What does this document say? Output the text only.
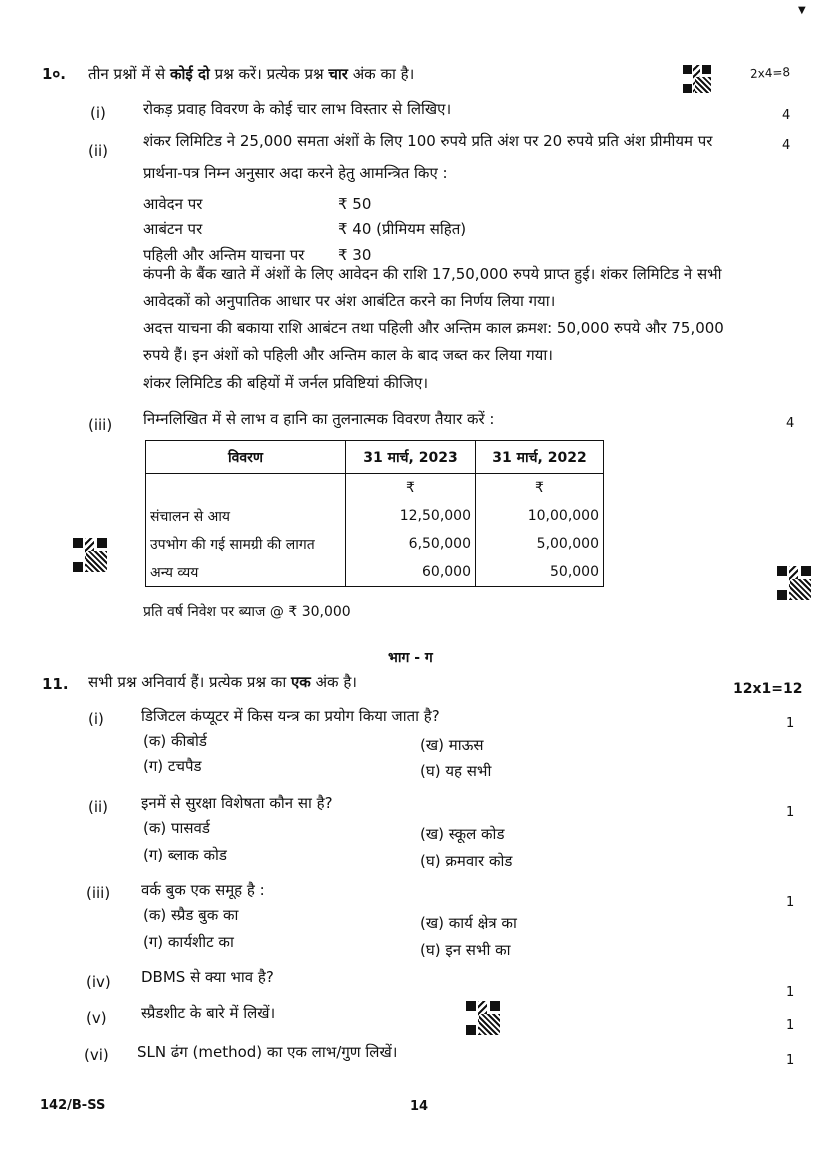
▼
1०. तीन प्रश्नों में से कोई दो प्रश्न करें। प्रत्येक प्रश्न चार अंक का है।	2x4=8
(i) रोकड़ प्रवाह विवरण के कोई चार लाभ विस्तार से लिखिए।	4
(ii)
शंकर लिमिटिड ने 25,000 समता अंशों के लिए 100 रुपये प्रति अंश पर 20 रुपये प्रति अंश प्रीमीयम पर	4
प्रार्थना-पत्र निम्न अनुसार अदा करने हेतु आमन्त्रित किए :
आवेदन पर	₹ 50
आबंटन पर	₹ 40 (प्रीमियम सहित)
पहिली और अन्तिम याचना पर ₹ 30
कंपनी के बैंक खाते में अंशों के लिए आवेदन की राशि 17,50,000 रुपये प्राप्त हुई। शंकर लिमिटिड ने सभी
आवेदकों को अनुपातिक आधार पर अंश आबंटित करने का निर्णय लिया गया।
अदत्त याचना की बकाया राशि आबंटन तथा पहिली और अन्तिम काल क्रमश: 50,000 रुपये और 75,000
रुपये हैं। इन अंशों को पहिली और अन्तिम काल के बाद जब्त कर लिया गया।
शंकर लिमिटिड की बहियों में जर्नल प्रविष्टियां कीजिए।
(iii) निम्नलिखित में से लाभ व हानि का तुलनात्मक विवरण तैयार करें :	4
विवरण	31 मार्च, 2023	31 मार्च, 2022
	₹	₹
संचालन से आय	12,50,000	10,00,000
उपभोग की गई सामग्री की लागत	6,50,000	5,00,000
अन्य व्यय	60,000	50,000
प्रति वर्ष निवेश पर ब्याज @ ₹ 30,000
भाग - ग
11. सभी प्रश्न अनिवार्य हैं। प्रत्येक प्रश्न का एक अंक है।	12x1=12
(i) डिजिटल कंप्यूटर में किस यन्त्र का प्रयोग किया जाता है?	1
(क) कीबोर्ड	(ख) माऊस
(ग) टचपैड	(घ) यह सभी
(ii) इनमें से सुरक्षा विशेषता कौन सा है?
1
(क) पासवर्ड	(ख) स्कूल कोड
(ग) ब्लाक कोड	(घ) क्रमवार कोड
(iii) वर्क बुक एक समूह है :
1
(क) स्प्रैड बुक का	(ख) कार्य क्षेत्र का
(ग) कार्यशीट का	(घ) इन सभी का
(iv) DBMS से क्या भाव है?
1
(v) स्प्रैडशीट के बारे में लिखें।
1
(vi) SLN ढंग (method) का एक लाभ/गुण लिखें।	1
142/B-SS	14
